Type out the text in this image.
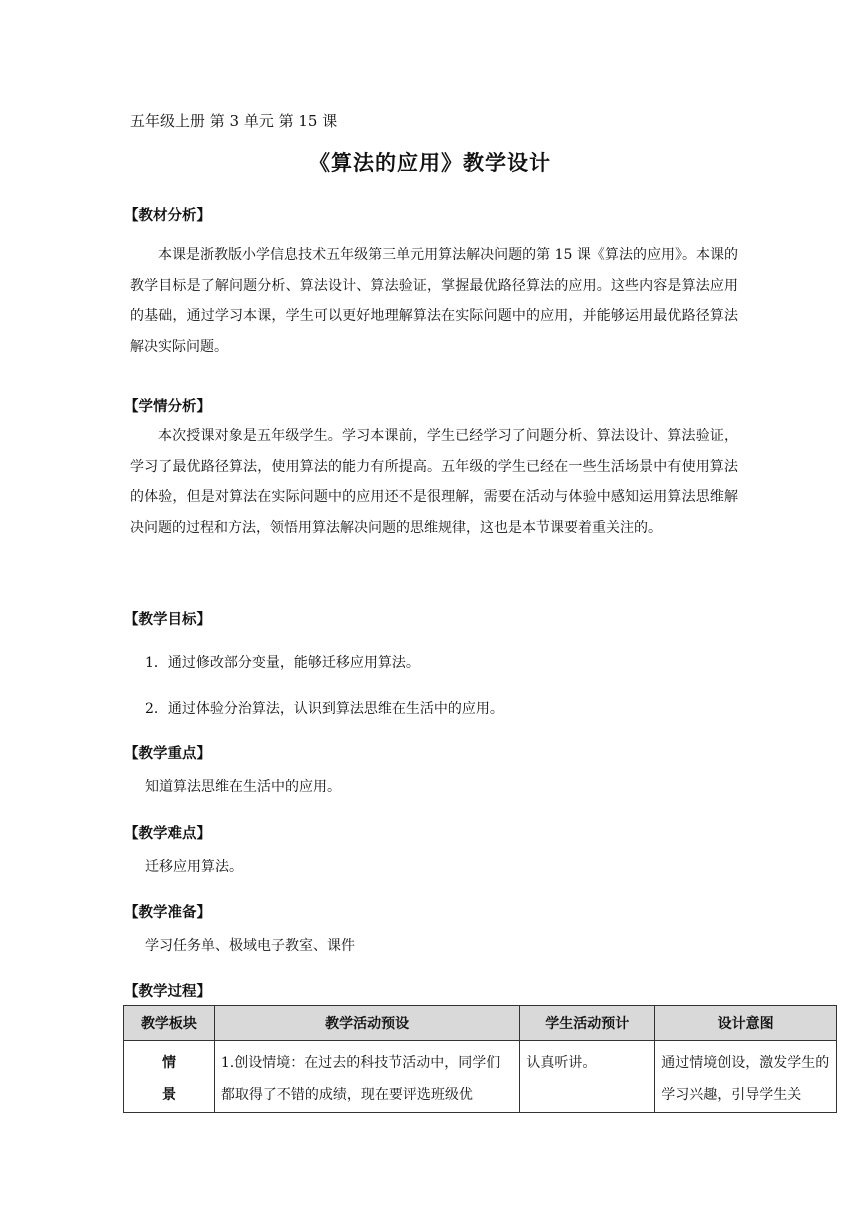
五年级上册 第 3 单元 第 15 课
《算法的应用》教学设计
【教材分析】
本课是浙教版小学信息技术五年级第三单元用算法解决问题的第 15 课《算法的应用》。本课的教学目标是了解问题分析、算法设计、算法验证，掌握最优路径算法的应用。这些内容是算法应用的基础，通过学习本课，学生可以更好地理解算法在实际问题中的应用，并能够运用最优路径算法解决实际问题。
【学情分析】
本次授课对象是五年级学生。学习本课前，学生已经学习了问题分析、算法设计、算法验证，学习了最优路径算法，使用算法的能力有所提高。五年级的学生已经在一些生活场景中有使用算法的体验，但是对算法在实际问题中的应用还不是很理解，需要在活动与体验中感知运用算法思维解决问题的过程和方法，领悟用算法解决问题的思维规律，这也是本节课要着重关注的。
【教学目标】
1．通过修改部分变量，能够迁移应用算法。
2．通过体验分治算法，认识到算法思维在生活中的应用。
【教学重点】
知道算法思维在生活中的应用。
【教学难点】
迁移应用算法。
【教学准备】
学习任务单、极域电子教室、课件
【教学过程】
教学板块	教学活动预设	学生活动预计	设计意图

情
景	1.创设情境：在过去的科技节活动中，同学们都取得了不错的成绩，现在要评选班级优	认真听讲。	通过情境创设，激发学生的学习兴趣，引导学生关
